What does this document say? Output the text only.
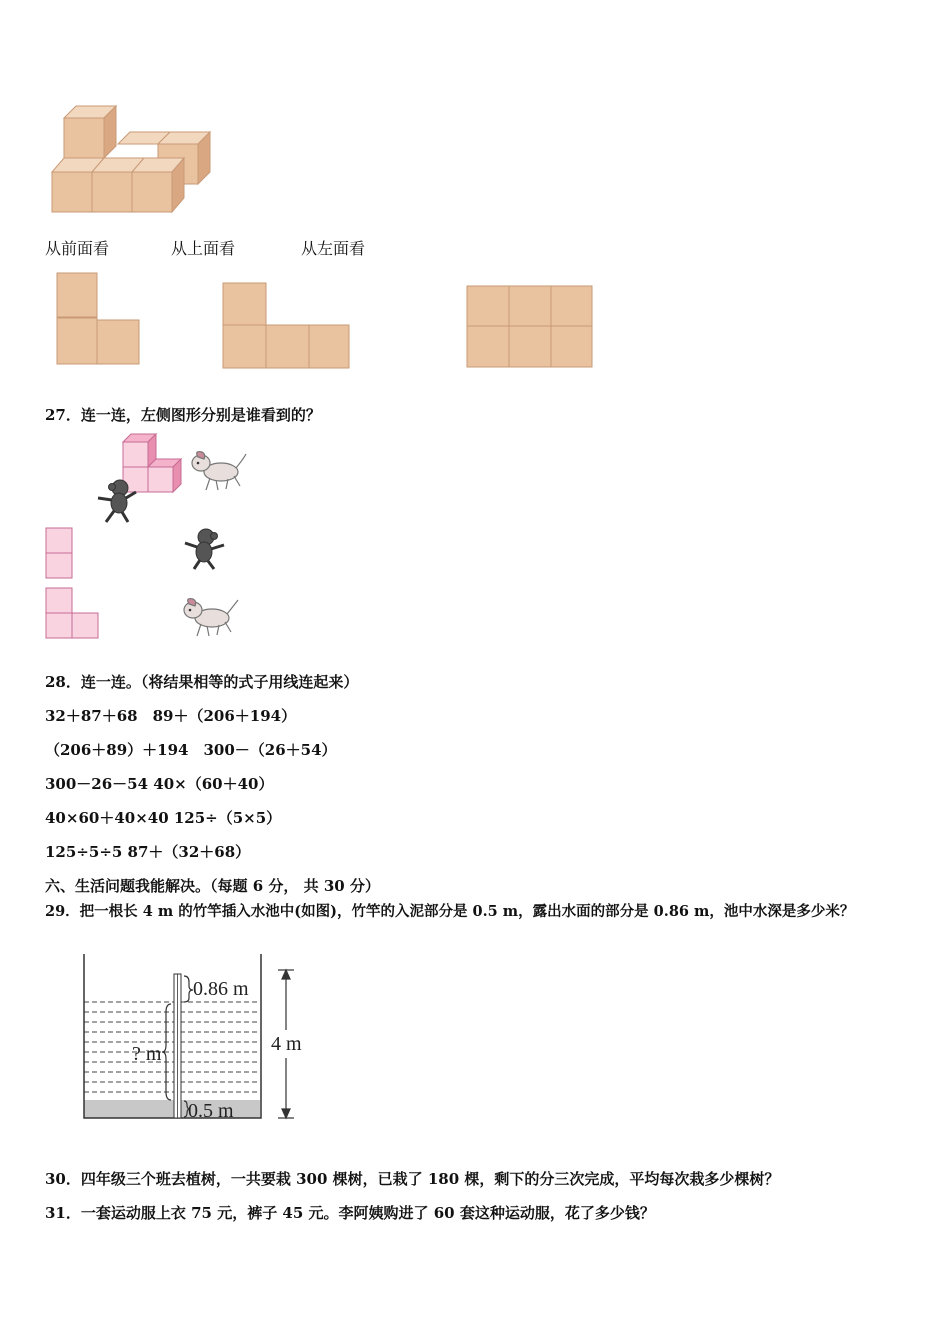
从前面看	从上面看	从左面看
27．连一连，左侧图形分别是谁看到的？
28．连一连。（将结果相等的式子用线连起来）
32＋87＋68　89＋（206＋194）
（206＋89）＋194　300－（26＋54）
300－26－54 40×（60＋40）
40×60＋40×40 125÷（5×5）
125÷5÷5 87＋（32＋68）
六、生活问题我能解决。（每题 6 分， 共 30 分）
29．把一根长 4 m 的竹竿插入水池中(如图)，竹竿的入泥部分是 0.5 m，露出水面的部分是 0.86 m，池中水深是多少米？
0.86 m
? m
0.5 m
4 m
30．四年级三个班去植树，一共要栽 300 棵树，已栽了 180 棵，剩下的分三次完成，平均每次栽多少棵树？
31．一套运动服上衣 75 元，裤子 45 元。李阿姨购进了 60 套这种运动服，花了多少钱？
